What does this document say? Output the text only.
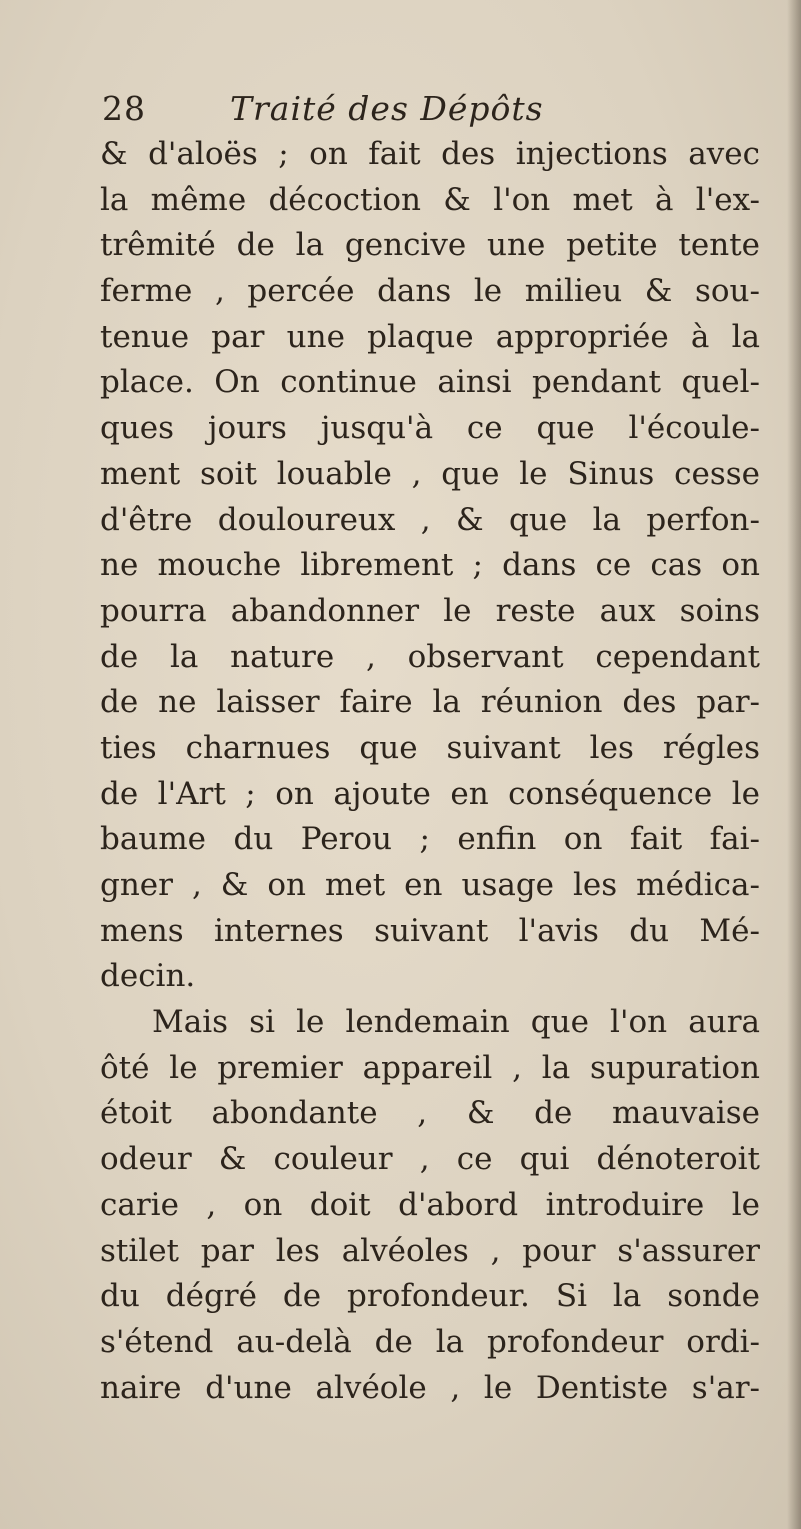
28	Traité des Dépôts
& d'aloës ; on fait des injections avec
la même décoction & l'on met à l'ex-
trêmité de la gencive une petite tente
ferme , percée dans le milieu & sou-
tenue par une plaque appropriée à la
place. On continue ainsi pendant quel-
ques jours jusqu'à ce que l'écoule-
ment soit louable , que le Sinus cesse
d'être douloureux , & que la perfon-
ne mouche librement ; dans ce cas on
pourra abandonner le reste aux soins
de la nature , observant cependant
de ne laisser faire la réunion des par-
ties charnues que suivant les régles
de l'Art ; on ajoute en conséquence le
baume du Perou ; enfin on fait fai-
gner , & on met en usage les médica-
mens internes suivant l'avis du Mé-
decin.
Mais si le lendemain que l'on aura
ôté le premier appareil , la supuration
étoit abondante , & de mauvaise
odeur & couleur , ce qui dénoteroit
carie , on doit d'abord introduire le
stilet par les alvéoles , pour s'assurer
du dégré de profondeur. Si la sonde
s'étend au-delà de la profondeur ordi-
naire d'une alvéole , le Dentiste s'ar-
